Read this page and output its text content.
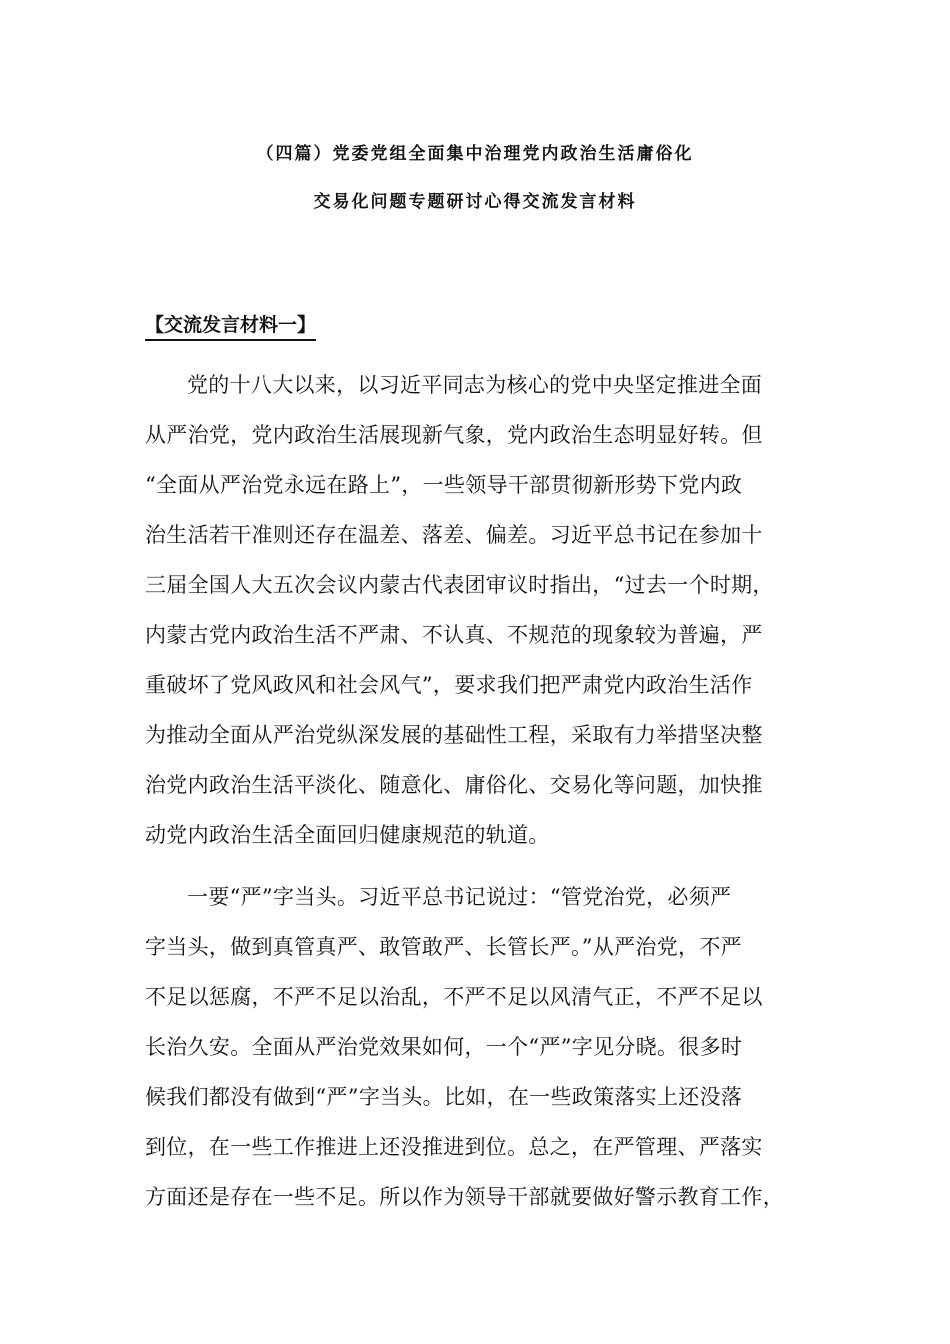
（四篇）党委党组全面集中治理党内政治生活庸俗化
交易化问题专题研讨心得交流发言材料
【交流发言材料一】
党的十八大以来，以习近平同志为核心的党中央坚定推进全面
从严治党，党内政治生活展现新气象，党内政治生态明显好转。但
“全面从严治党永远在路上”，一些领导干部贯彻新形势下党内政
治生活若干准则还存在温差、落差、偏差。习近平总书记在参加十
三届全国人大五次会议内蒙古代表团审议时指出，“过去一个时期，
内蒙古党内政治生活不严肃、不认真、不规范的现象较为普遍，严
重破坏了党风政风和社会风气”，要求我们把严肃党内政治生活作
为推动全面从严治党纵深发展的基础性工程，采取有力举措坚决整
治党内政治生活平淡化、随意化、庸俗化、交易化等问题，加快推
动党内政治生活全面回归健康规范的轨道。
一要“严”字当头。习近平总书记说过：“管党治党，必须严
字当头，做到真管真严、敢管敢严、长管长严。”从严治党，不严
不足以惩腐，不严不足以治乱，不严不足以风清气正，不严不足以
长治久安。全面从严治党效果如何，一个“严”字见分晓。很多时
候我们都没有做到“严”字当头。比如，在一些政策落实上还没落
到位，在一些工作推进上还没推进到位。总之，在严管理、严落实
方面还是存在一些不足。所以作为领导干部就要做好警示教育工作，
